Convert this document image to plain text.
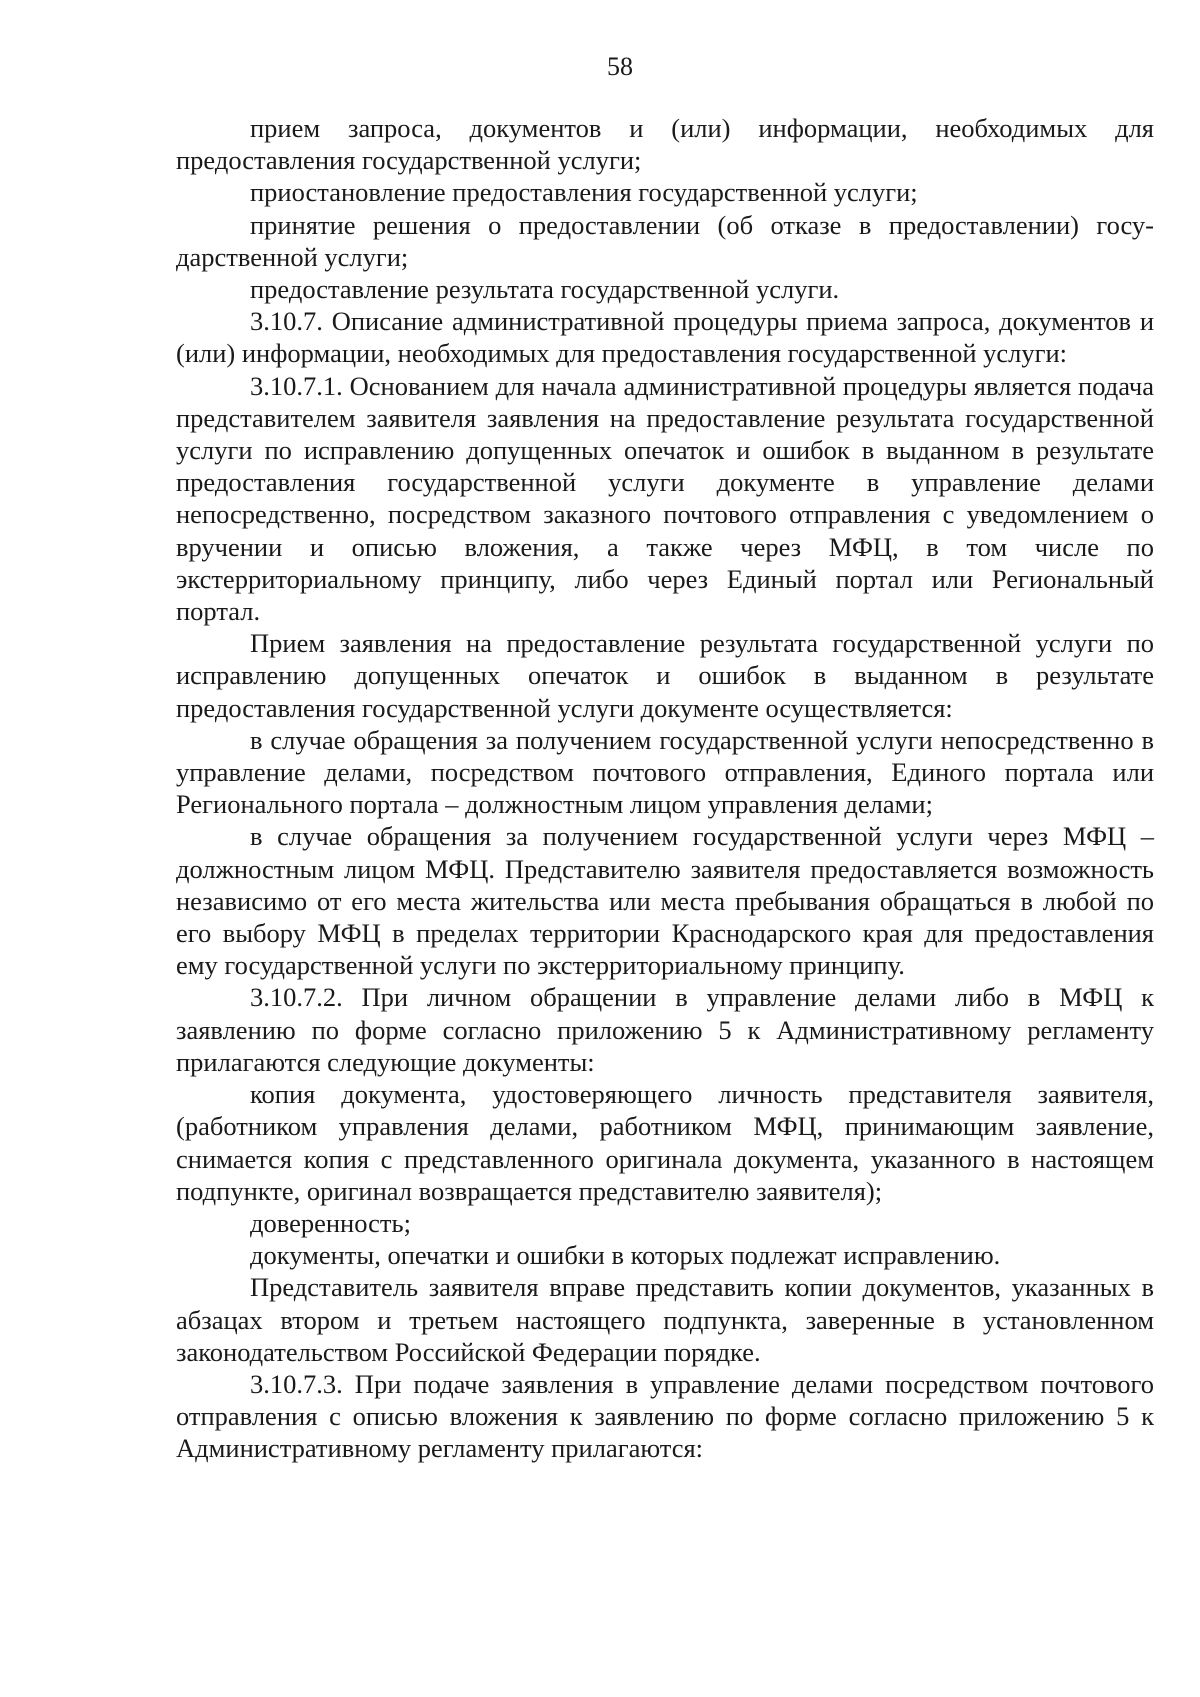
58

прием запроса, документов и (или) информации, необходимых для предоставления государственной услуги;

приостановление предоставления государственной услуги;

принятие решения о предоставлении (об отказе в предоставлении) государственной услуги;

предоставление результата государственной услуги.

3.10.7. Описание административной процедуры приема запроса, документов и (или) информации, необходимых для предоставления государственной услуги:

3.10.7.1. Основанием для начала административной процедуры является подача представителем заявителя заявления на предоставление результата государственной услуги по исправлению допущенных опечаток и ошибок в выданном в результате предоставления государственной услуги документе в управление делами непосредственно, посредством заказного почтового отправления с уведомлением о вручении и описью вложения, а также через МФЦ, в том числе по экстерриториальному принципу, либо через Единый портал или Региональный портал.

Прием заявления на предоставление результата государственной услуги по исправлению допущенных опечаток и ошибок в выданном в результате предоставления государственной услуги документе осуществляется:

в случае обращения за получением государственной услуги непосредственно в управление делами, посредством почтового отправления, Единого портала или Регионального портала – должностным лицом управления делами;

в случае обращения за получением государственной услуги через МФЦ – должностным лицом МФЦ. Представителю заявителя предоставляется возможность независимо от его места жительства или места пребывания обращаться в любой по его выбору МФЦ в пределах территории Краснодарского края для предоставления ему государственной услуги по экстерриториальному принципу.

3.10.7.2. При личном обращении в управление делами либо в МФЦ к заявлению по форме согласно приложению 5 к Административному регламенту прилагаются следующие документы:

копия документа, удостоверяющего личность представителя заявителя, (работником управления делами, работником МФЦ, принимающим заявление, снимается копия с представленного оригинала документа, указанного в настоящем подпункте, оригинал возвращается представителю заявителя);

доверенность;

документы, опечатки и ошибки в которых подлежат исправлению.

Представитель заявителя вправе представить копии документов, указанных в абзацах втором и третьем настоящего подпункта, заверенные в установленном законодательством Российской Федерации порядке.

3.10.7.3. При подаче заявления в управление делами посредством почтового отправления с описью вложения к заявлению по форме согласно приложению 5 к Административному регламенту прилагаются:
